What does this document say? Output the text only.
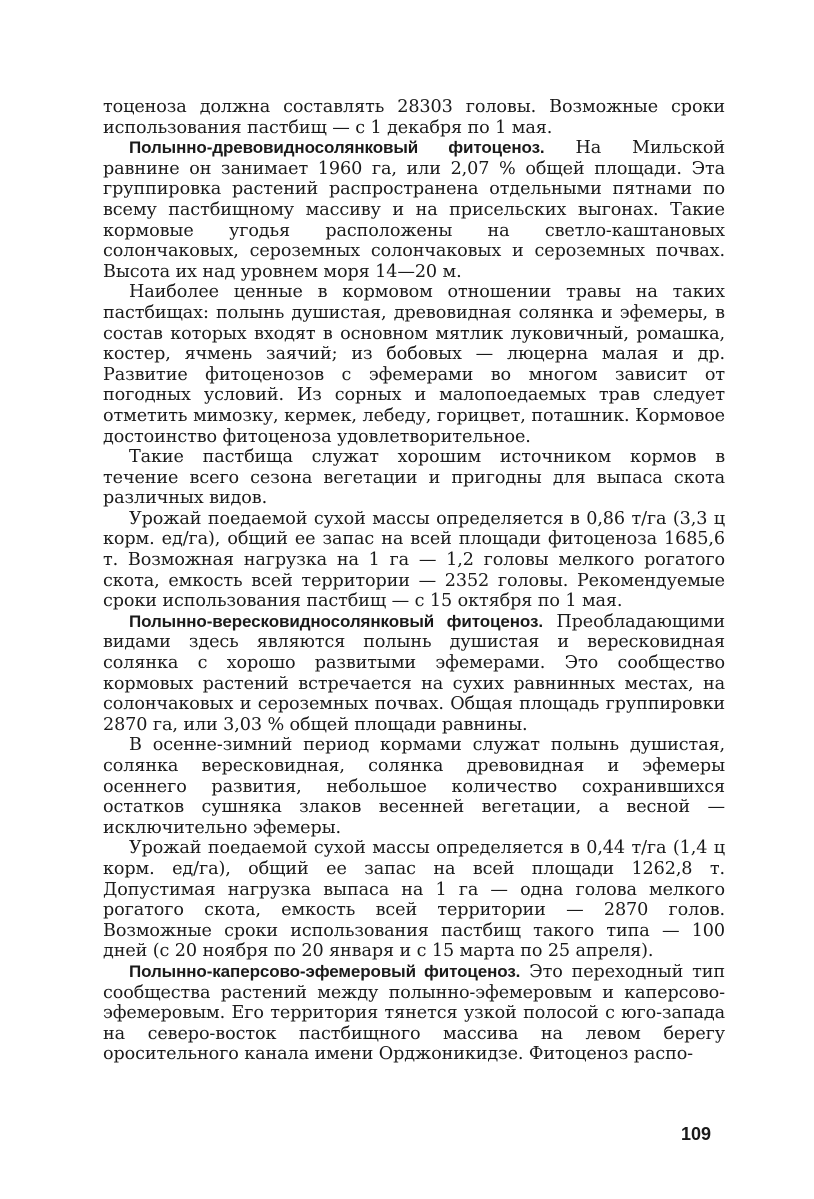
тоценоза должна составлять 28303 головы. Возможные сроки использования пастбищ — с 1 декабря по 1 мая.

Полынно-древовидносолянковый фитоценоз. На Мильской равнине он занимает 1960 га, или 2,07 % общей площади. Эта группировка растений распространена отдельными пятнами по всему пастбищному массиву и на присельских выгонах. Такие кормовые угодья расположены на светло-каштановых солончаковых, сероземных солончаковых и сероземных почвах. Высота их над уровнем моря 14—20 м.

Наиболее ценные в кормовом отношении травы на таких пастбищах: полынь душистая, древовидная солянка и эфемеры, в состав которых входят в основном мятлик луковичный, ромашка, костер, ячмень заячий; из бобовых — люцерна малая и др. Развитие фитоценозов с эфемерами во многом зависит от погодных условий. Из сорных и малопоедаемых трав следует отметить мимозку, кермек, лебеду, горицвет, поташник. Кормовое достоинство фитоценоза удовлетворительное.

Такие пастбища служат хорошим источником кормов в течение всего сезона вегетации и пригодны для выпаса скота различных видов.

Урожай поедаемой сухой массы определяется в 0,86 т/га (3,3 ц корм. ед/га), общий ее запас на всей площади фитоценоза 1685,6 т. Возможная нагрузка на 1 га — 1,2 головы мелкого рогатого скота, емкость всей территории — 2352 головы. Рекомендуемые сроки использования пастбищ — с 15 октября по 1 мая.

Полынно-вересковидносолянковый фитоценоз. Преобладающими видами здесь являются полынь душистая и вересковидная солянка с хорошо развитыми эфемерами. Это сообщество кормовых растений встречается на сухих равнинных местах, на солончаковых и сероземных почвах. Общая площадь группировки 2870 га, или 3,03 % общей площади равнины.

В осенне-зимний период кормами служат полынь душистая, солянка вересковидная, солянка древовидная и эфемеры осеннего развития, небольшое количество сохранившихся остатков сушняка злаков весенней вегетации, а весной — исключительно эфемеры.

Урожай поедаемой сухой массы определяется в 0,44 т/га (1,4 ц корм. ед/га), общий ее запас на всей площади 1262,8 т. Допустимая нагрузка выпаса на 1 га — одна голова мелкого рогатого скота, емкость всей территории — 2870 голов. Возможные сроки использования пастбищ такого типа — 100 дней (с 20 ноября по 20 января и с 15 марта по 25 апреля).

Полынно-каперсово-эфемеровый фитоценоз. Это переходный тип сообщества растений между полынно-эфемеровым и каперсово-эфемеровым. Его территория тянется узкой полосой с юго-запада на северо-восток пастбищного массива на левом берегу оросительного канала имени Орджоникидзе. Фитоценоз распо-

109
